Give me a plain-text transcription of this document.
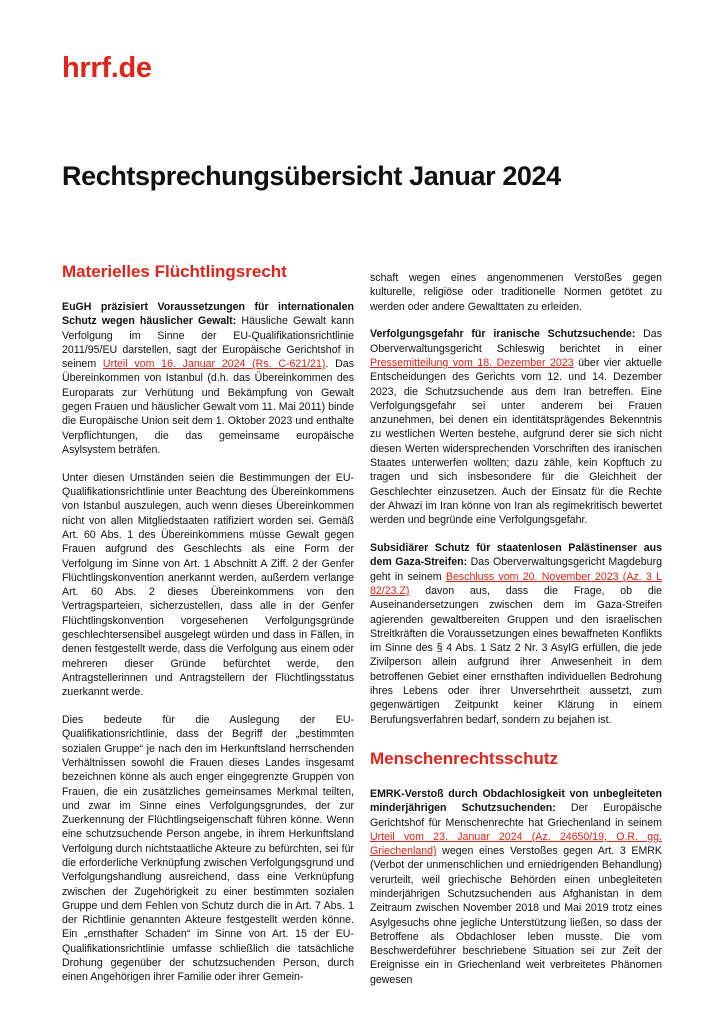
hrrf.de
Rechtsprechungsübersicht Januar 2024
Materielles Flüchtlingsrecht

EuGH präzisiert Voraussetzungen für internationalen Schutz wegen häuslicher Gewalt: Häusliche Gewalt kann Verfolgung im Sinne der EU-Qualifikationsrichtlinie 2011/95/EU darstellen, sagt der Europäische Gerichtshof in seinem Urteil vom 16. Januar 2024 (Rs. C-621/21). Das Übereinkommen von Istanbul (d.h. das Übereinkommen des Europarats zur Verhütung und Bekämpfung von Gewalt gegen Frauen und häuslicher Gewalt vom 11. Mai 2011) binde die Europäische Union seit dem 1. Oktober 2023 und enthalte Verpflichtungen, die das gemeinsame europäische Asylsystem beträfen.

Unter diesen Umständen seien die Bestimmungen der EU-Qualifikationsrichtlinie unter Beachtung des Übereinkommens von Istanbul auszulegen, auch wenn dieses Übereinkommen nicht von allen Mitgliedstaaten ratifiziert worden sei. Gemäß Art. 60 Abs. 1 des Übereinkommens müsse Gewalt gegen Frauen aufgrund des Geschlechts als eine Form der Verfolgung im Sinne von Art. 1 Abschnitt A Ziff. 2 der Genfer Flüchtlingskonvention anerkannt werden, außerdem verlange Art. 60 Abs. 2 dieses Übereinkommens von den Vertragsparteien, sicherzustellen, dass alle in der Genfer Flüchtlingskonvention vorgesehenen Verfolgungsgründe geschlechtersensibel ausgelegt würden und dass in Fällen, in denen festgestellt werde, dass die Verfolgung aus einem oder mehreren dieser Gründe befürchtet werde, den Antragstellerinnen und Antragstellern der Flüchtlingsstatus zuerkannt werde.

Dies bedeute für die Auslegung der EU-Qualifikationsrichtlinie, dass der Begriff der „bestimmten sozialen Gruppe“ je nach den im Herkunftsland herrschenden Verhältnissen sowohl die Frauen dieses Landes insgesamt bezeichnen könne als auch enger eingegrenzte Gruppen von Frauen, die ein zusätzliches gemeinsames Merkmal teilten, und zwar im Sinne eines Verfolgungsgrundes, der zur Zuerkennung der Flüchtlingseigenschaft führen könne. Wenn eine schutzsuchende Person angebe, in ihrem Herkunftsland Verfolgung durch nichtstaatliche Akteure zu befürchten, sei für die erforderliche Verknüpfung zwischen Verfolgungsgrund und Verfolgungshandlung ausreichend, dass eine Verknüpfung zwischen der Zugehörigkeit zu einer bestimmten sozialen Gruppe und dem Fehlen von Schutz durch die in Art. 7 Abs. 1 der Richtlinie genannten Akteure festgestellt werden könne. Ein „ernsthafter Schaden“ im Sinne von Art. 15 der EU-Qualifikationsrichtlinie umfasse schließlich die tatsächliche Drohung gegenüber der schutzsuchenden Person, durch einen Angehörigen ihrer Familie oder ihrer Gemein-

schaft wegen eines angenommenen Verstoßes gegen kulturelle, religiöse oder traditionelle Normen getötet zu werden oder andere Gewalttaten zu erleiden.

Verfolgungsgefahr für iranische Schutzsuchende: Das Oberverwaltungsgericht Schleswig berichtet in einer Pressemitteilung vom 18. Dezember 2023 über vier aktuelle Entscheidungen des Gerichts vom 12. und 14. Dezember 2023, die Schutzsuchende aus dem Iran betreffen. Eine Verfolgungsgefahr sei unter anderem bei Frauen anzunehmen, bei denen ein identitätsprägendes Bekenntnis zu westlichen Werten bestehe, aufgrund derer sie sich nicht diesen Werten widersprechenden Vorschriften des iranischen Staates unterwerfen wollten; dazu zähle, kein Kopftuch zu tragen und sich insbesondere für die Gleichheit der Geschlechter einzusetzen. Auch der Einsatz für die Rechte der Ahwazi im Iran könne von Iran als regimekritisch bewertet werden und begründe eine Verfolgungsgefahr.

Subsidiärer Schutz für staatenlosen Palästinenser aus dem Gaza-Streifen: Das Oberverwaltungsgericht Magdeburg geht in seinem Beschluss vom 20. November 2023 (Az. 3 L 82/23.Z) davon aus, dass die Frage, ob die Auseinandersetzungen zwischen dem im Gaza-Streifen agierenden gewaltbereiten Gruppen und den israelischen Streitkräften die Voraussetzungen eines bewaffneten Konflikts im Sinne des § 4 Abs. 1 Satz 2 Nr. 3 AsylG erfüllen, die jede Zivilperson allein aufgrund ihrer Anwesenheit in dem betroffenen Gebiet einer ernsthaften individuellen Bedrohung ihres Lebens oder ihrer Unversehrtheit aussetzt, zum gegenwärtigen Zeitpunkt keiner Klärung in einem Berufungsverfahren bedarf, sondern zu bejahen ist.

Menschenrechtsschutz

EMRK-Verstoß durch Obdachlosigkeit von unbegleiteten minderjährigen Schutzsuchenden: Der Europäische Gerichtshof für Menschenrechte hat Griechenland in seinem Urteil vom 23. Januar 2024 (Az. 24650/19, O.R. gg. Griechenland) wegen eines Verstoßes gegen Art. 3 EMRK (Verbot der unmenschlichen und erniedrigenden Behandlung) verurteilt, weil griechische Behörden einen unbegleiteten minderjährigen Schutzsuchenden aus Afghanistan in dem Zeitraum zwischen November 2018 und Mai 2019 trotz eines Asylgesuchs ohne jegliche Unterstützung ließen, so dass der Betroffene als Obdachloser leben musste. Die vom Beschwerdeführer beschriebene Situation sei zur Zeit der Ereignisse ein in Griechenland weit verbreitetes Phänomen gewesen
